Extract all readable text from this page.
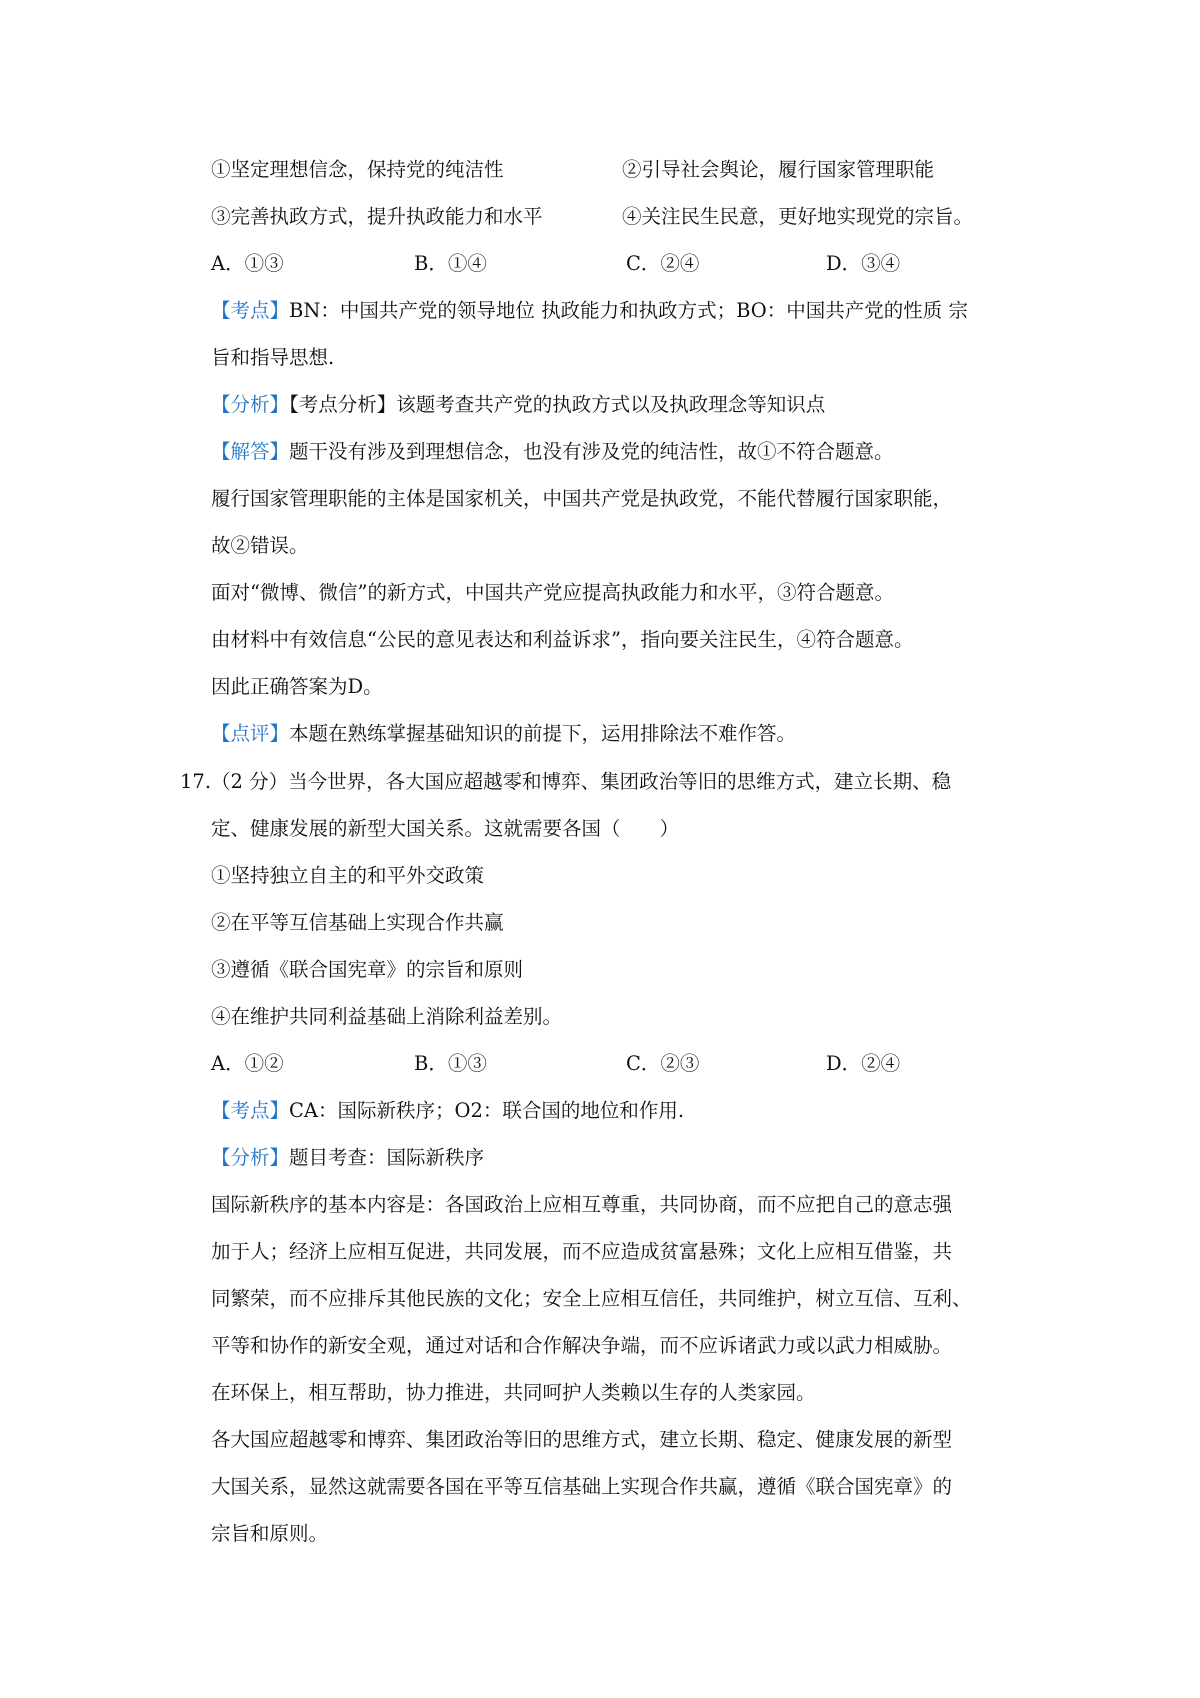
①坚定理想信念，保持党的纯洁性	②引导社会舆论，履行国家管理职能
③完善执政方式，提升执政能力和水平	④关注民生民意，更好地实现党的宗旨。
A．①③	B．①④	C．②④	D．③④
【考点】BN：中国共产党的领导地位 执政能力和执政方式；BO：中国共产党的性质 宗
旨和指导思想.
【分析】【考点分析】该题考查共产党的执政方式以及执政理念等知识点
【解答】题干没有涉及到理想信念，也没有涉及党的纯洁性，故①不符合题意。
履行国家管理职能的主体是国家机关，中国共产党是执政党，不能代替履行国家职能，
故②错误。
面对“微博、微信”的新方式，中国共产党应提高执政能力和水平，③符合题意。
由材料中有效信息“公民的意见表达和利益诉求”，指向要关注民生，④符合题意。
因此正确答案为D。
【点评】本题在熟练掌握基础知识的前提下，运用排除法不难作答。
17.（2 分）当今世界，各大国应超越零和博弈、集团政治等旧的思维方式，建立长期、稳
定、健康发展的新型大国关系。这就需要各国（　　）
①坚持独立自主的和平外交政策
②在平等互信基础上实现合作共赢
③遵循《联合国宪章》的宗旨和原则
④在维护共同利益基础上消除利益差别。
A．①②	B．①③	C．②③	D．②④
【考点】CA：国际新秩序；O2：联合国的地位和作用.
【分析】题目考查：国际新秩序
国际新秩序的基本内容是：各国政治上应相互尊重，共同协商，而不应把自己的意志强
加于人；经济上应相互促进，共同发展，而不应造成贫富悬殊；文化上应相互借鉴，共
同繁荣，而不应排斥其他民族的文化；安全上应相互信任，共同维护，树立互信、互利、
平等和协作的新安全观，通过对话和合作解决争端，而不应诉诸武力或以武力相威胁。
在环保上，相互帮助，协力推进，共同呵护人类赖以生存的人类家园。
各大国应超越零和博弈、集团政治等旧的思维方式，建立长期、稳定、健康发展的新型
大国关系，显然这就需要各国在平等互信基础上实现合作共赢，遵循《联合国宪章》的
宗旨和原则。
